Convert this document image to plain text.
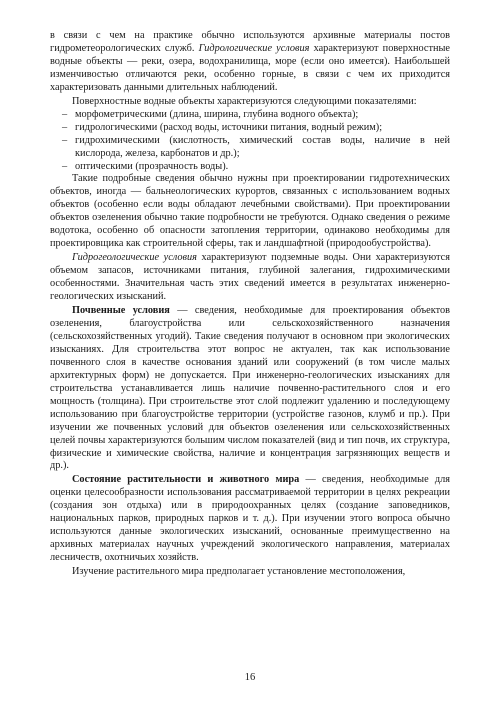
в связи с чем на практике обычно используются архивные материалы постов гидрометеорологических служб. Гидрологические условия характеризуют поверхностные водные объекты — реки, озера, водохранилища, море (если оно имеется). Наибольшей изменчивостью отличаются реки, особенно горные, в связи с чем их приходится характеризовать данными длительных наблюдений.

Поверхностные водные объекты характеризуются следующими показателями:

– морфометрическими (длина, ширина, глубина водного объекта);
– гидрологическими (расход воды, источники питания, водный режим);
– гидрохимическими (кислотность, химический состав воды, наличие в ней кислорода, железа, карбонатов и др.);
– оптическими (прозрачность воды).

Такие подробные сведения обычно нужны при проектировании гидротехнических объектов, иногда — бальнеологических курортов, связанных с использованием водных объектов (особенно если воды обладают лечебными свойствами). При проектировании объектов озеленения обычно такие подробности не требуются. Однако сведения о режиме водотока, особенно об опасности затопления территории, одинаково необходимы для проектировщика как строительной сферы, так и ландшафтной (природообустройства).

Гидрогеологические условия характеризуют подземные воды. Они характеризуются объемом запасов, источниками питания, глубиной залегания, гидрохимическими особенностями. Значительная часть этих сведений имеется в результатах инженерно-геологических изысканий.

Почвенные условия — сведения, необходимые для проектирования объектов озеленения, благоустройства или сельскохозяйственного назначения (сельскохозяйственных угодий). Такие сведения получают в основном при экологических изысканиях. Для строительства этот вопрос не актуален, так как использование почвенного слоя в качестве основания зданий или сооружений (в том числе малых архитектурных форм) не допускается. При инженерно-геологических изысканиях для строительства устанавливается лишь наличие почвенно-растительного слоя и его мощность (толщина). При строительстве этот слой подлежит удалению и последующему использованию при благоустройстве территории (устройстве газонов, клумб и пр.). При изучении же почвенных условий для объектов озеленения или сельскохозяйственных целей почвы характеризуются большим числом показателей (вид и тип почв, их структура, физические и химические свойства, наличие и концентрация загрязняющих веществ и др.).

Состояние растительности и животного мира — сведения, необходимые для оценки целесообразности использования рассматриваемой территории в целях рекреации (создания зон отдыха) или в природоохранных целях (создание заповедников, национальных парков, природных парков и т. д.). При изучении этого вопроса обычно используются данные экологических изысканий, основанные преимущественно на архивных материалах научных учреждений экологического направления, материалах лесничеств, охотничьих хозяйств.

Изучение растительного мира предполагает установление местоположения,

16
